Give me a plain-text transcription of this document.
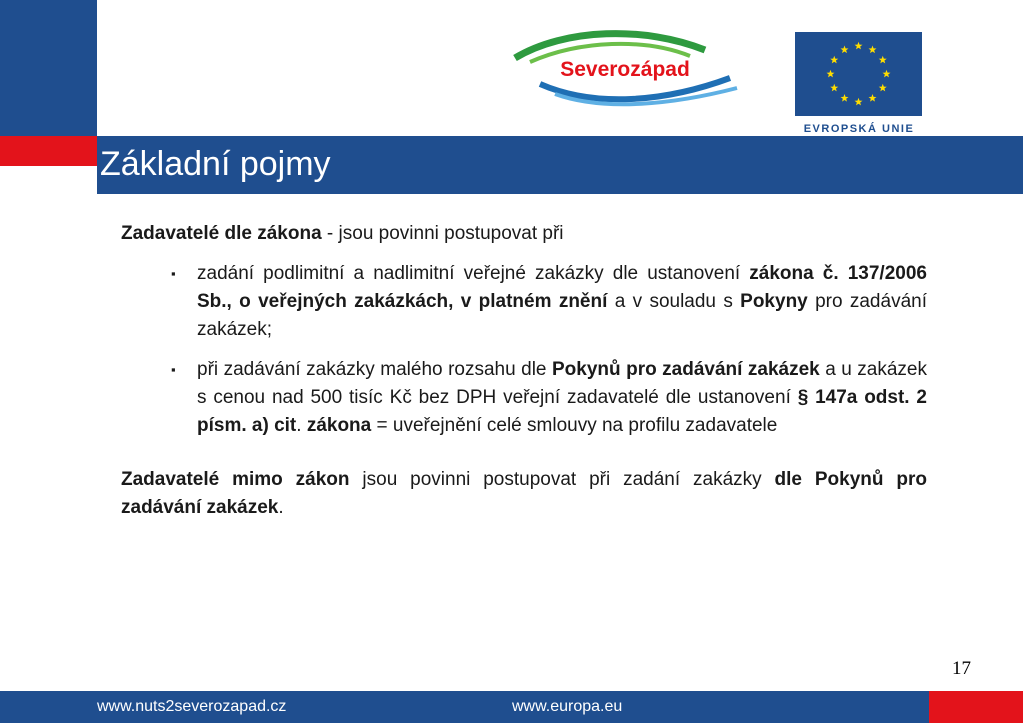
Základní pojmy
Severozápad
EVROPSKÁ UNIE

Zadavatelé dle zákona - jsou povinni postupovat při

▪ zadání podlimitní a nadlimitní veřejné zakázky dle ustanovení zákona č. 137/2006 Sb., o veřejných zakázkách, v platném znění a v souladu s Pokyny pro zadávání zakázek;
▪ při zadávání zakázky malého rozsahu dle Pokynů pro zadávání zakázek a u zakázek s cenou nad 500 tisíc Kč bez DPH veřejní zadavatelé dle ustanovení § 147a odst. 2 písm. a) cit. zákona = uveřejnění celé smlouvy na profilu zadavatele

Zadavatelé mimo zákon jsou povinni postupovat při zadání zakázky dle Pokynů pro zadávání zakázek.

17
www.nuts2severozapad.cz	www.europa.eu
